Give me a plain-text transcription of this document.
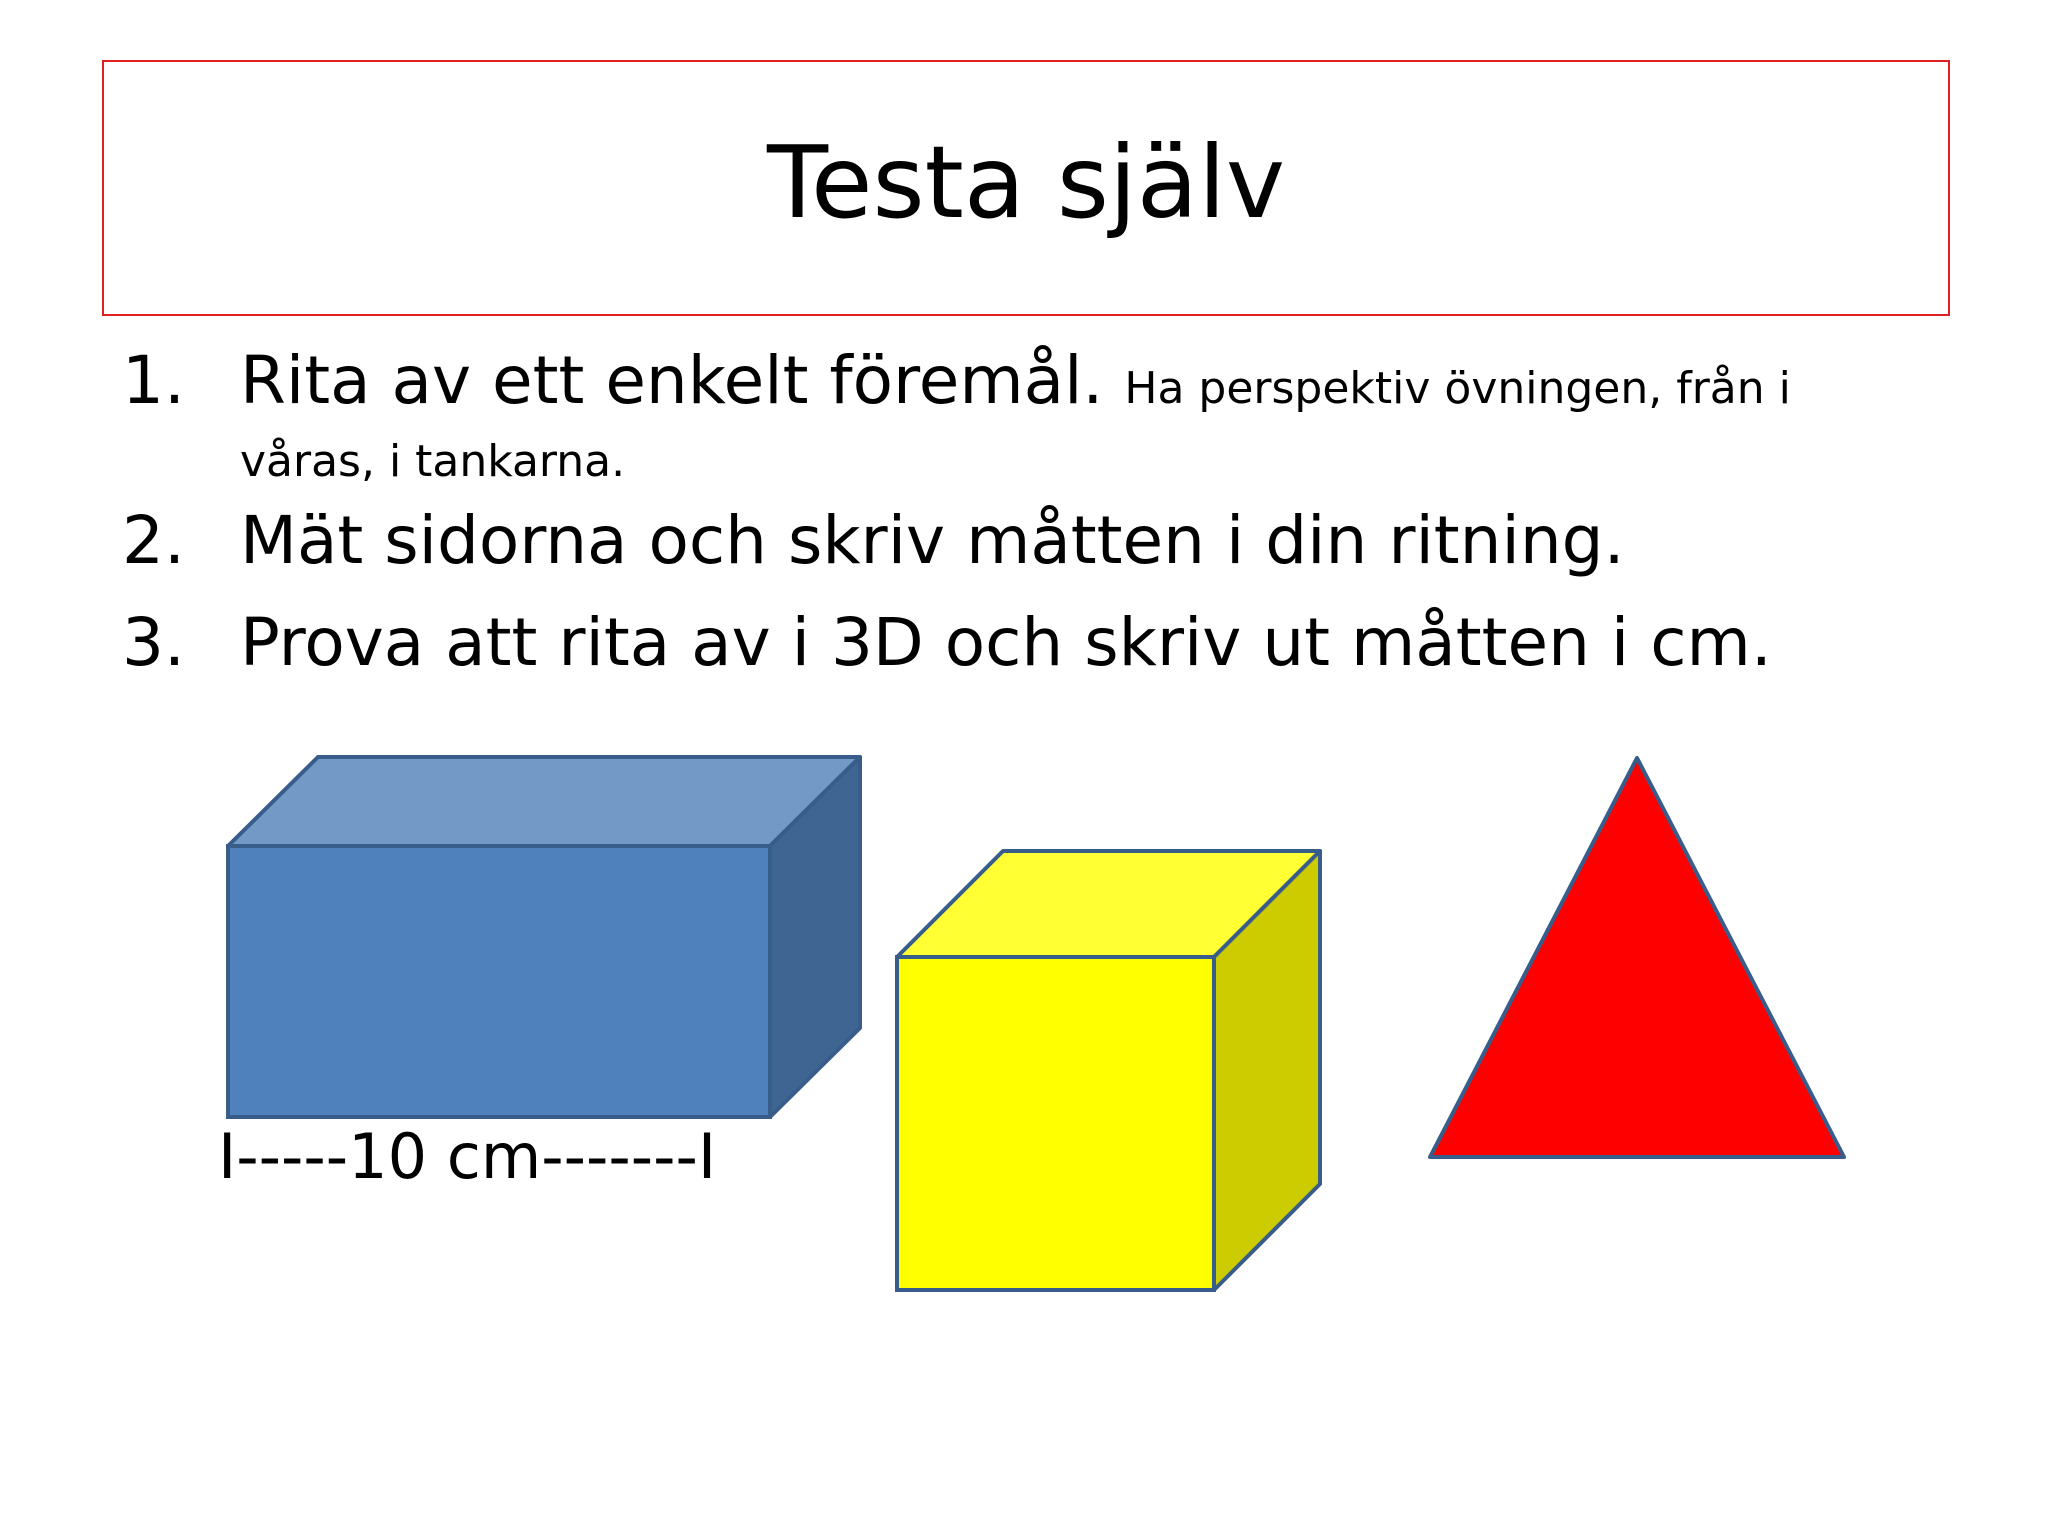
Testa själv
1. Rita av ett enkelt föremål. Ha perspektiv övningen, från i
våras, i tankarna.
2. Mät sidorna och skriv måtten i din ritning.
3. Prova att rita av i 3D och skriv ut måtten i cm.
I-----10 cm-------I
